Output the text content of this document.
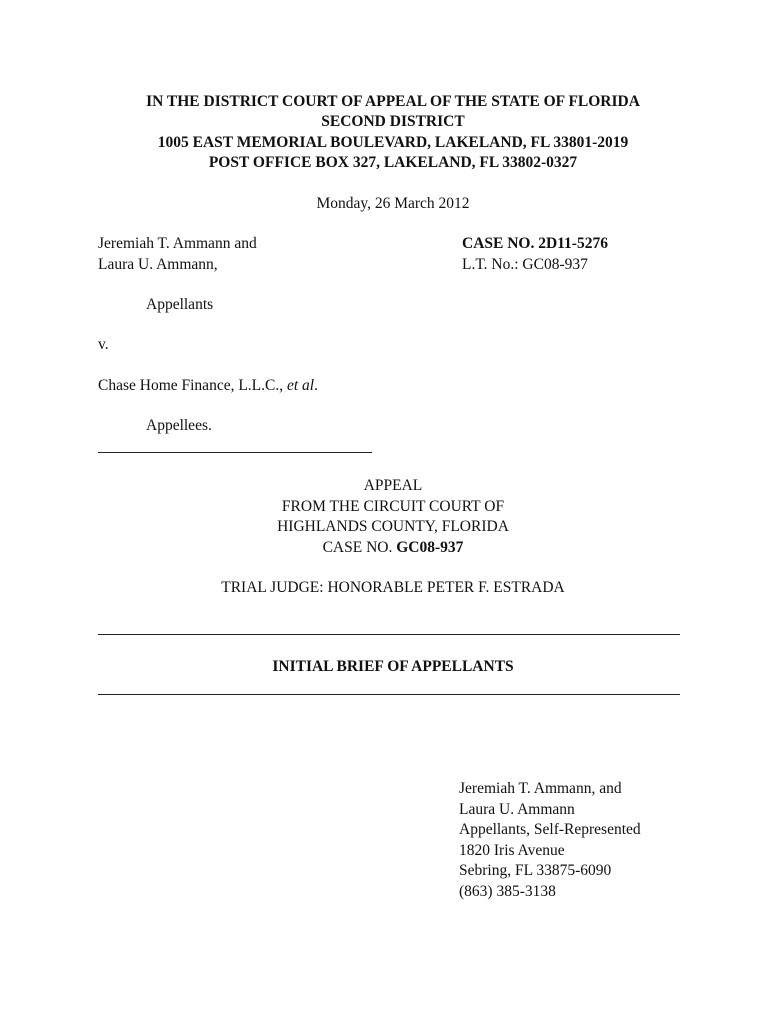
IN THE DISTRICT COURT OF APPEAL OF THE STATE OF FLORIDA
SECOND DISTRICT
1005 EAST MEMORIAL BOULEVARD, LAKELAND, FL 33801-2019
POST OFFICE BOX 327, LAKELAND, FL 33802-0327
Monday, 26 March 2012
Jeremiah T. Ammann and
Laura U. Ammann,
CASE NO. 2D11-5276
L.T. No.: GC08-937
Appellants
v.
Chase Home Finance, L.L.C., et al.
Appellees.
APPEAL
FROM THE CIRCUIT COURT OF
HIGHLANDS COUNTY, FLORIDA
CASE NO. GC08-937
TRIAL JUDGE: HONORABLE PETER F. ESTRADA
INITIAL BRIEF OF APPELLANTS
Jeremiah T. Ammann, and
Laura U. Ammann
Appellants, Self-Represented
1820 Iris Avenue
Sebring, FL 33875-6090
(863) 385-3138
